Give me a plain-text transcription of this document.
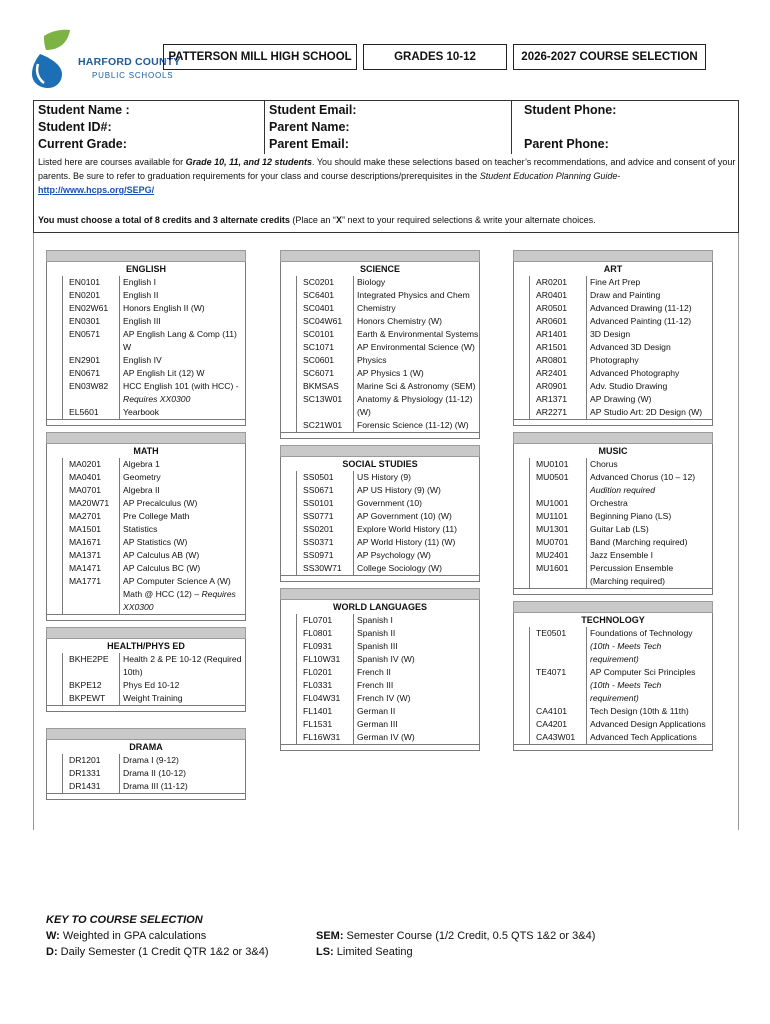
HARFORD COUNTY
PUBLIC SCHOOLS
PATTERSON MILL HIGH SCHOOL	GRADES 10-12	2026-2027 COURSE SELECTION
Student Name :
Student ID#:
Current Grade:
Student Email:
Parent Name:
Parent Email:
Student Phone:
Parent Phone:
Listed here are courses available for Grade 10, 11, and 12 students. You should make these selections based on teacher’s recommendations, and advice and consent of your parents. Be sure to refer to graduation requirements for your class and course descriptions/prerequisites in the Student Education Planning Guide- http://www.hcps.org/SEPG/
You must choose a total of 8 credits and 3 alternate credits (Place an “X” next to your required selections & write your alternate choices.
ENGLISH
EN0101	English I
EN0201	English II
EN02W61	Honors English II (W)
EN0301	English III
EN0571	AP English Lang & Comp (11) W
EN2901	English IV
EN0671	AP English Lit (12) W
EN03W82	HCC English 101 (with HCC) - Requires XX0300
EL5601	Yearbook
MATH
MA0201	Algebra 1
MA0401	Geometry
MA0701	Algebra II
MA20W71	AP Precalculus (W)
MA2701	Pre College Math
MA1501	Statistics
MA1671	AP Statistics (W)
MA1371	AP Calculus AB (W)
MA1471	AP Calculus BC (W)
MA1771	AP Computer Science A (W) Math @ HCC (12) – Requires XX0300
HEALTH/PHYS ED
BKHE2PE	Health 2 & PE 10-12 (Required 10th)
BKPE12	Phys Ed 10-12
BKPEWT	Weight Training
DRAMA
DR1201	Drama I (9-12)
DR1331	Drama II (10-12)
DR1431	Drama III (11-12)
SCIENCE
SC0201	Biology
SC6401	Integrated Physics and Chem
SC0401	Chemistry
SC04W61	Honors Chemistry (W)
SC0101	Earth & Environmental Systems
SC1071	AP Environmental Science (W)
SC0601	Physics
SC6071	AP Physics 1 (W)
BKMSAS	Marine Sci & Astronomy (SEM)
SC13W01	Anatomy & Physiology (11-12) (W)
SC21W01	Forensic Science (11-12) (W)
SOCIAL STUDIES
SS0501	US History (9)
SS0671	AP US History (9) (W)
SS0101	Government (10)
SS0771	AP Government (10) (W)
SS0201	Explore World History (11)
SS0371	AP World History (11) (W)
SS0971	AP Psychology (W)
SS30W71	College Sociology (W)
WORLD LANGUAGES
FL0701	Spanish I
FL0801	Spanish II
FL0931	Spanish III
FL10W31	Spanish IV (W)
FL0201	French II
FL0331	French III
FL04W31	French IV (W)
FL1401	German II
FL1531	German III
FL16W31	German IV (W)
ART
AR0201	Fine Art Prep
AR0401	Draw and Painting
AR0501	Advanced Drawing (11-12)
AR0601	Advanced Painting (11-12)
AR1401	3D Design
AR1501	Advanced 3D Design
AR0801	Photography
AR2401	Advanced Photography
AR0901	Adv. Studio Drawing
AR1371	AP Drawing (W)
AR2271	AP Studio Art: 2D Design (W)
MUSIC
MU0101	Chorus
MU0501	Advanced Chorus (10 – 12) Audition required
MU1001	Orchestra
MU1101	Beginning Piano (LS)
MU1301	Guitar Lab (LS)
MU0701	Band (Marching required)
MU2401	Jazz Ensemble I
MU1601	Percussion Ensemble (Marching required)
TECHNOLOGY
TE0501	Foundations of Technology (10th - Meets Tech requirement)
TE4071	AP Computer Sci Principles (10th - Meets Tech requirement)
CA4101	Tech Design (10th & 11th)
CA4201	Advanced Design Applications
CA43W01	Advanced Tech Applications
KEY TO COURSE SELECTION
W: Weighted in GPA calculations
D: Daily Semester (1 Credit QTR 1&2 or 3&4)
SEM: Semester Course (1/2 Credit, 0.5 QTS 1&2 or 3&4)
LS: Limited Seating
